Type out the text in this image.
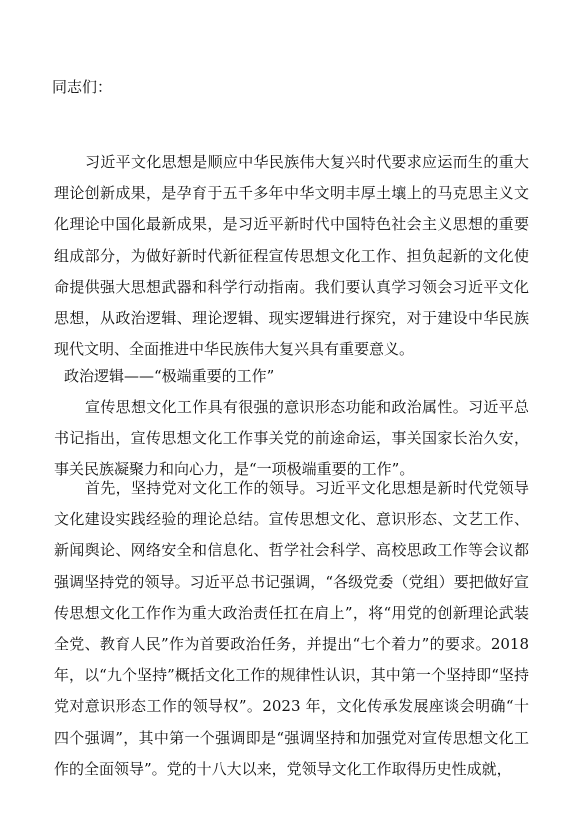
同志们：

习近平文化思想是顺应中华民族伟大复兴时代要求应运而生的重大理论创新成果，是孕育于五千多年中华文明丰厚土壤上的马克思主义文化理论中国化最新成果，是习近平新时代中国特色社会主义思想的重要组成部分，为做好新时代新征程宣传思想文化工作、担负起新的文化使命提供强大思想武器和科学行动指南。我们要认真学习领会习近平文化思想，从政治逻辑、理论逻辑、现实逻辑进行探究，对于建设中华民族现代文明、全面推进中华民族伟大复兴具有重要意义。

政治逻辑——“极端重要的工作”

宣传思想文化工作具有很强的意识形态功能和政治属性。习近平总书记指出，宣传思想文化工作事关党的前途命运，事关国家长治久安，事关民族凝聚力和向心力，是“一项极端重要的工作”。

首先，坚持党对文化工作的领导。习近平文化思想是新时代党领导文化建设实践经验的理论总结。宣传思想文化、意识形态、文艺工作、新闻舆论、网络安全和信息化、哲学社会科学、高校思政工作等会议都强调坚持党的领导。习近平总书记强调，“各级党委（党组）要把做好宣传思想文化工作作为重大政治责任扛在肩上”，将“用党的创新理论武装全党、教育人民”作为首要政治任务，并提出“七个着力”的要求。2018年，以“九个坚持”概括文化工作的规律性认识，其中第一个坚持即“坚持党对意识形态工作的领导权”。2023 年，文化传承发展座谈会明确“十四个强调”，其中第一个强调即是“强调坚持和加强党对宣传思想文化工作的全面领导”。党的十八大以来，党领导文化工作取得历史性成就，
